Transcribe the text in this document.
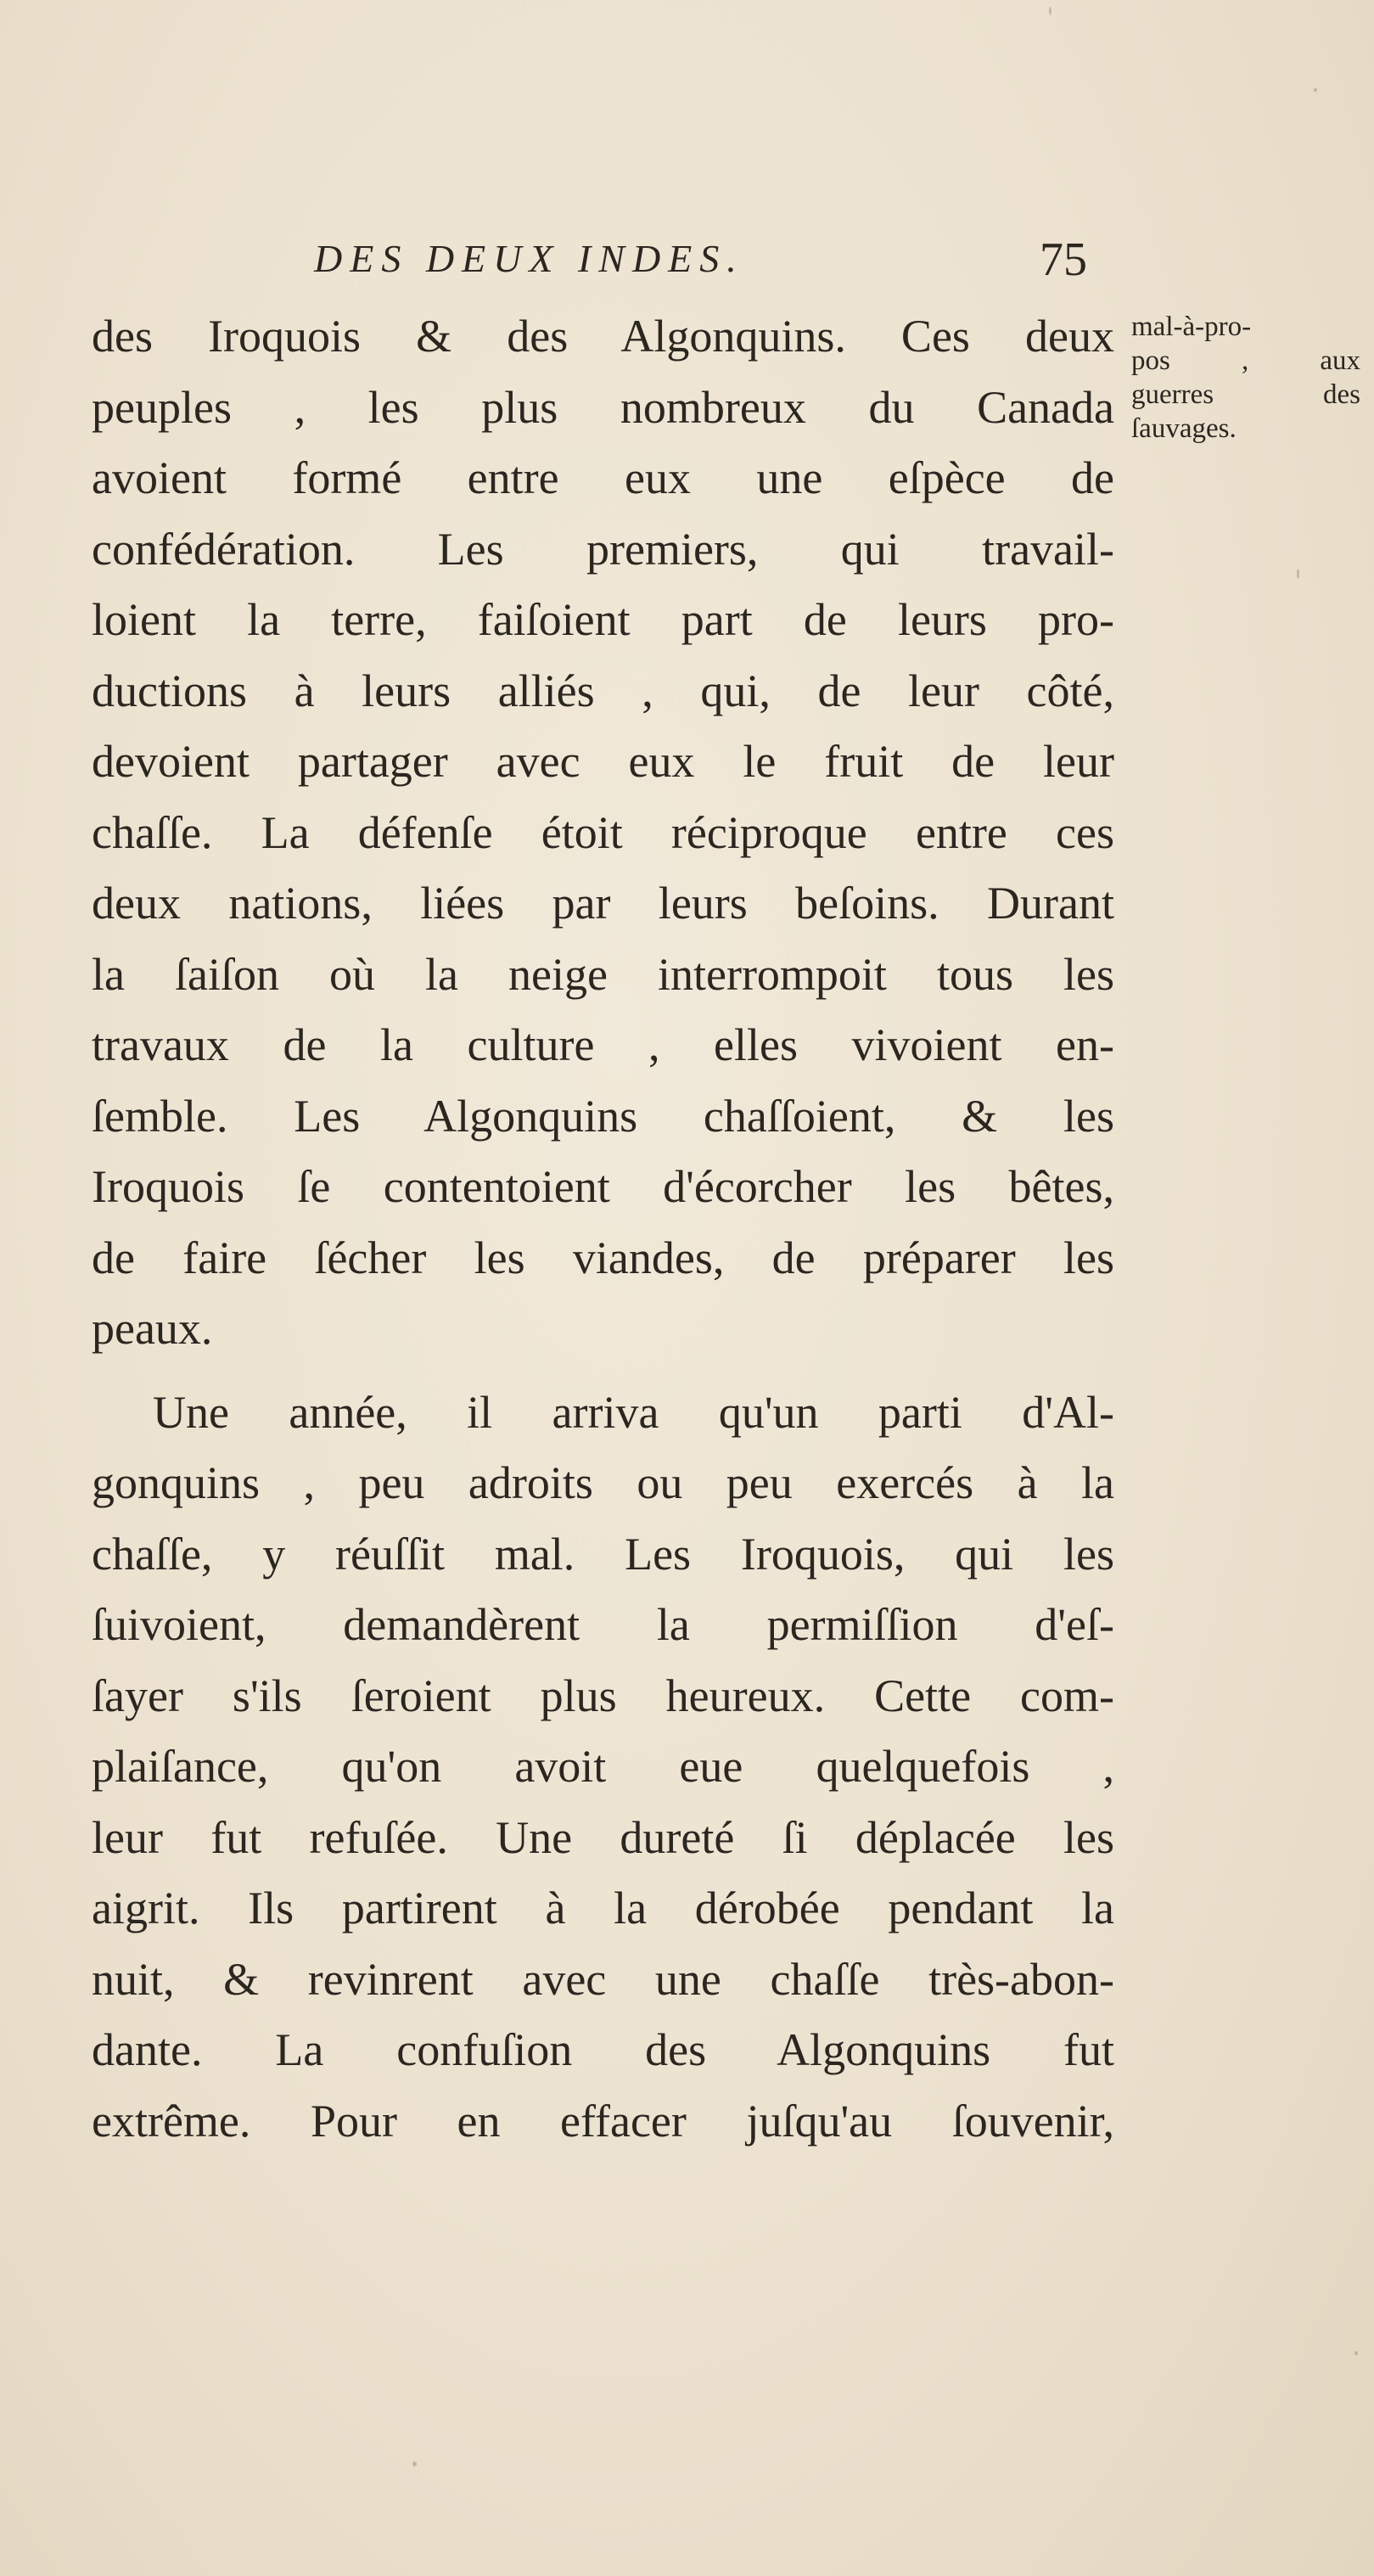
DES DEUX INDES.	75
des Iroquois & des Algonquins. Ces deux
peuples , les plus nombreux du Canada
avoient formé entre eux une eſpèce de
confédération. Les premiers, qui travail-
loient la terre, faiſoient part de leurs pro-
ductions à leurs alliés , qui, de leur côté,
devoient partager avec eux le fruit de leur
chaſſe. La défenſe étoit réciproque entre ces
deux nations, liées par leurs beſoins. Durant
la ſaiſon où la neige interrompoit tous les
travaux de la culture , elles vivoient en-
ſemble. Les Algonquins chaſſoient, & les
Iroquois ſe contentoient d'écorcher les bêtes,
de faire ſécher les viandes, de préparer les
peaux.
Une année, il arriva qu'un parti d'Al-
gonquins , peu adroits ou peu exercés à la
chaſſe, y réuſſit mal. Les Iroquois, qui les
ſuivoient, demandèrent la permiſſion d'eſ-
ſayer s'ils ſeroient plus heureux. Cette com-
plaiſance, qu'on avoit eue quelquefois ,
leur fut refuſée. Une dureté ſi déplacée les
aigrit. Ils partirent à la dérobée pendant la
nuit, & revinrent avec une chaſſe très-abon-
dante. La confuſion des Algonquins fut
extrême. Pour en effacer juſqu'au ſouvenir,
mal-à-pro-
pos , aux
guerres des
ſauvages.
